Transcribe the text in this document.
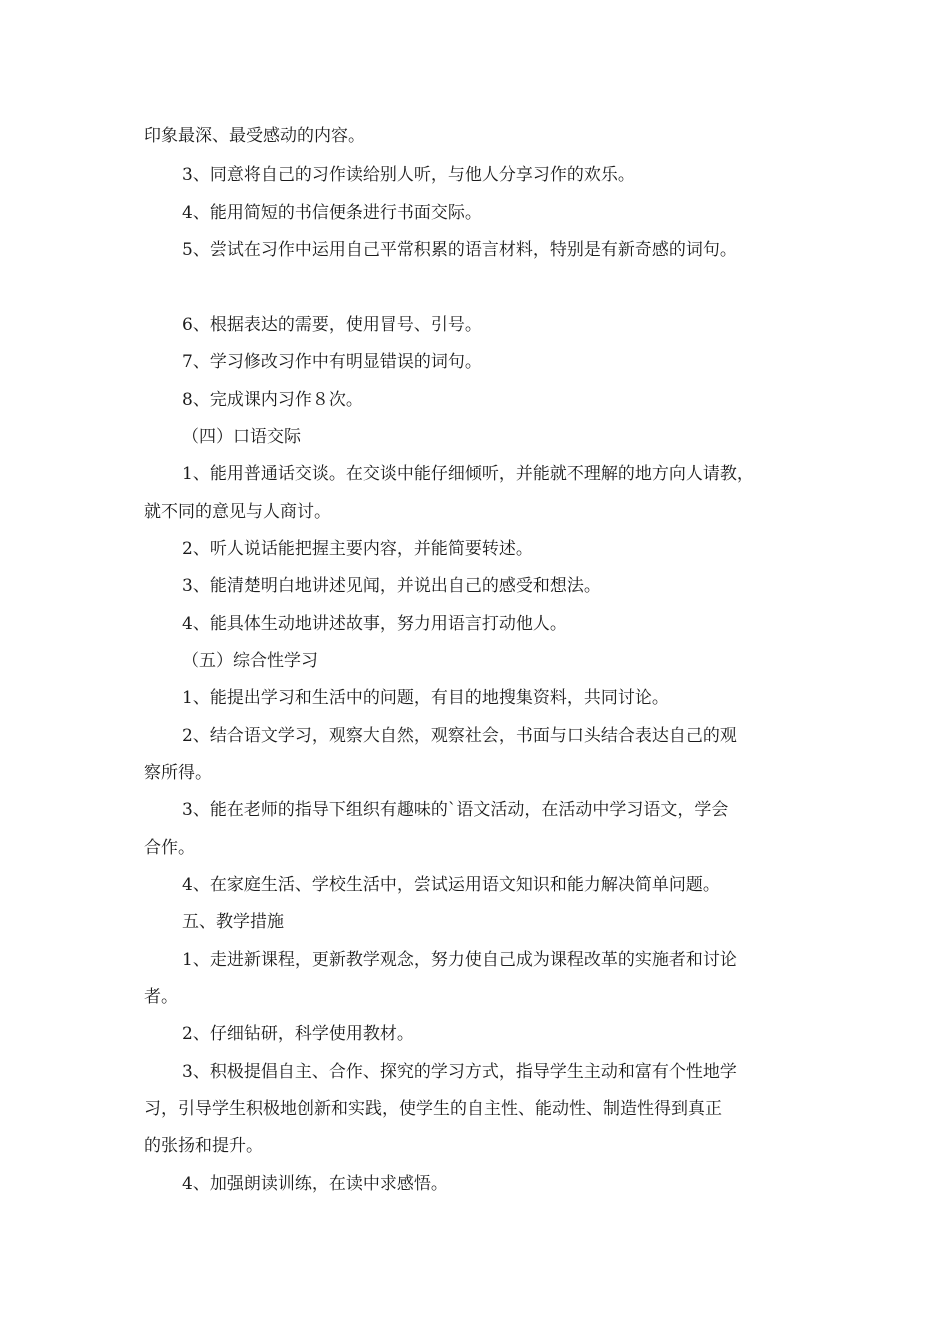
印象最深、最受感动的内容。
3、同意将自己的习作读给别人听，与他人分享习作的欢乐。
4、能用简短的书信便条进行书面交际。
5、尝试在习作中运用自己平常积累的语言材料，特别是有新奇感的词句。
6、根据表达的需要，使用冒号、引号。
7、学习修改习作中有明显错误的词句。
8、完成课内习作８次。
（四）口语交际
1、能用普通话交谈。在交谈中能仔细倾听，并能就不理解的地方向人请教，
就不同的意见与人商讨。
2、听人说话能把握主要内容，并能简要转述。
3、能清楚明白地讲述见闻，并说出自己的感受和想法。
4、能具体生动地讲述故事，努力用语言打动他人。
（五）综合性学习
1、能提出学习和生活中的问题，有目的地搜集资料，共同讨论。
2、结合语文学习，观察大自然，观察社会，书面与口头结合表达自己的观
察所得。
3、能在老师的指导下组织有趣味的`语文活动，在活动中学习语文，学会
合作。
4、在家庭生活、学校生活中，尝试运用语文知识和能力解决简单问题。
五、教学措施
1、走进新课程，更新教学观念，努力使自己成为课程改革的实施者和讨论
者。
2、仔细钻研，科学使用教材。
3、积极提倡自主、合作、探究的学习方式，指导学生主动和富有个性地学
习，引导学生积极地创新和实践，使学生的自主性、能动性、制造性得到真正
的张扬和提升。
4、加强朗读训练，在读中求感悟。
